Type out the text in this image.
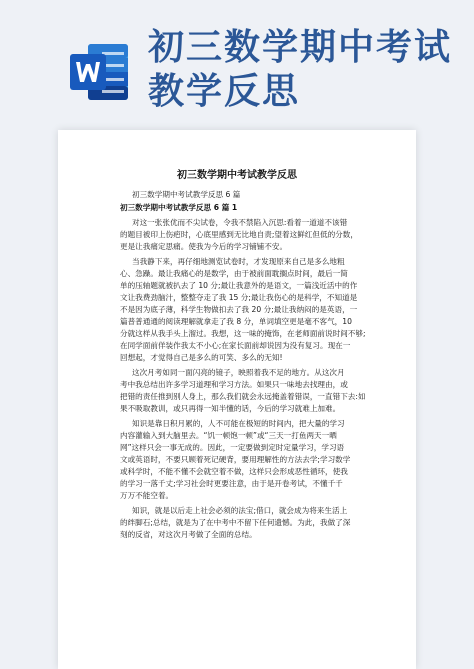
初三数学期中考试
教学反思
初三数学期中考试教学反思
初三数学期中考试教学反思 6 篇
初三数学期中考试教学反思 6 篇 1
对这一张张优而不尖试卷，令我不禁陷入沉思:看着一道道不该错
的题目被印上伤疤时，心底里感到无比地自责;望着这鲜红但低的分数，
更是让我痛定思痛。使我为今后的学习铺铺不安。
当我静下来，再仔细地测览试卷时，才发现原来自己是多么地粗
心、急躁。最让我痛心的是数学，由于被前面耽搁点时间，最后一简
单的压轴题就被扒去了 10 分;最让我意外的是语文，一篇浅近活中的作
文让我费劲脑汁，整整夺走了我 15 分;最让我伤心的是科学，不知道是
不是因为底子薄，科学生物做扣去了我 20 分;最让我纳闷的是英语，一
篇普普通通的阅读理解就拿走了我 8 分，单词填空更是毫不客气，10
分就这样从我手头上溜过。我想，这一味的掩饰，在老师面前说时间不够;
在同学面前佯装作我太不小心;在家长面前却说因为没有复习。现在一
回想起，才觉得自己是多么的可笑、多么的无知!
这次月考如同一面闪亮的镜子，映照着我不足的地方。从这次月
考中我总结出许多学习道理和学习方法。如果只一味地去找理由，或
把错的责任推到别人身上，那么我们就会永远掩盖着错误，一直错下去:如
果不吸取教训，或只再得一知半懂的话，今后的学习就难上加难。
知识是靠日积月累的，人不可能在极短的时间内，把大量的学习
内容灌输入到大脑里去。“饥一顿饱一顿”或“三天一打鱼两天一晒
网”这样只会一事无成的。因此，一定要做到定时定量学习，学习语
文或英语时，不要只顾着死记硬背，要用理解性的方法去学;学习数学
或科学时，不能不懂不会就空着不做，这样只会形成恶性循环，使我
的学习一落千丈;学习社会时更要注意，由于是开卷考试，不懂千千
万万不能空着。
知识，就是以后走上社会必须的法宝;借口，就会成为将来生活上
的绊脚石;总结，就是为了在中考中不留下任何遗憾。为此，我做了深
刻的反省，对这次月考做了全面的总结。
